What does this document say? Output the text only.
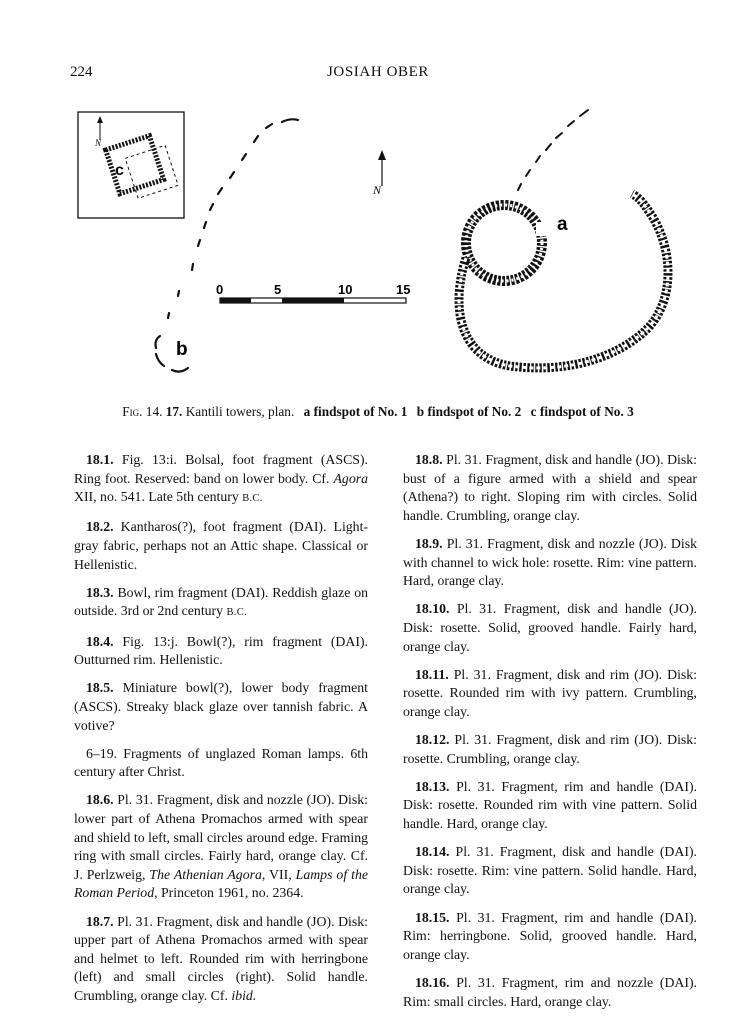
224	JOSIAH OBER
c
N
b
N
0	5	10	15
a
Fig. 14. 17. Kantili towers, plan. a findspot of No. 1 b findspot of No. 2 c findspot of No. 3

18.1. Fig. 13:i. Bolsal, foot fragment (ASCS). Ring foot. Reserved: band on lower body. Cf. Agora XII, no. 541. Late 5th century B.C.

18.2. Kantharos(?), foot fragment (DAI). Light-gray fabric, perhaps not an Attic shape. Classical or Hellenistic.

18.3. Bowl, rim fragment (DAI). Reddish glaze on outside. 3rd or 2nd century B.C.

18.4. Fig. 13:j. Bowl(?), rim fragment (DAI). Outturned rim. Hellenistic.

18.5. Miniature bowl(?), lower body fragment (ASCS). Streaky black glaze over tannish fabric. A votive?

6–19. Fragments of unglazed Roman lamps. 6th century after Christ.

18.6. Pl. 31. Fragment, disk and nozzle (JO). Disk: lower part of Athena Promachos armed with spear and shield to left, small circles around edge. Framing ring with small circles. Fairly hard, orange clay. Cf. J. Perlzweig, The Athenian Agora, VII, Lamps of the Roman Period, Princeton 1961, no. 2364.

18.7. Pl. 31. Fragment, disk and handle (JO). Disk: upper part of Athena Promachos armed with spear and helmet to left. Rounded rim with herringbone (left) and small circles (right). Solid handle. Crumbling, orange clay. Cf. ibid.

18.8. Pl. 31. Fragment, disk and handle (JO). Disk: bust of a figure armed with a shield and spear (Athena?) to right. Sloping rim with circles. Solid handle. Crumbling, orange clay.

18.9. Pl. 31. Fragment, disk and nozzle (JO). Disk with channel to wick hole: rosette. Rim: vine pattern. Hard, orange clay.

18.10. Pl. 31. Fragment, disk and handle (JO). Disk: rosette. Solid, grooved handle. Fairly hard, orange clay.

18.11. Pl. 31. Fragment, disk and rim (JO). Disk: rosette. Rounded rim with ivy pattern. Crumbling, orange clay.

18.12. Pl. 31. Fragment, disk and rim (JO). Disk: rosette. Crumbling, orange clay.

18.13. Pl. 31. Fragment, rim and handle (DAI). Disk: rosette. Rounded rim with vine pattern. Solid handle. Hard, orange clay.

18.14. Pl. 31. Fragment, disk and handle (DAI). Disk: rosette. Rim: vine pattern. Solid handle. Hard, orange clay.

18.15. Pl. 31. Fragment, rim and handle (DAI). Rim: herringbone. Solid, grooved handle. Hard, orange clay.

18.16. Pl. 31. Fragment, rim and nozzle (DAI). Rim: small circles. Hard, orange clay.
